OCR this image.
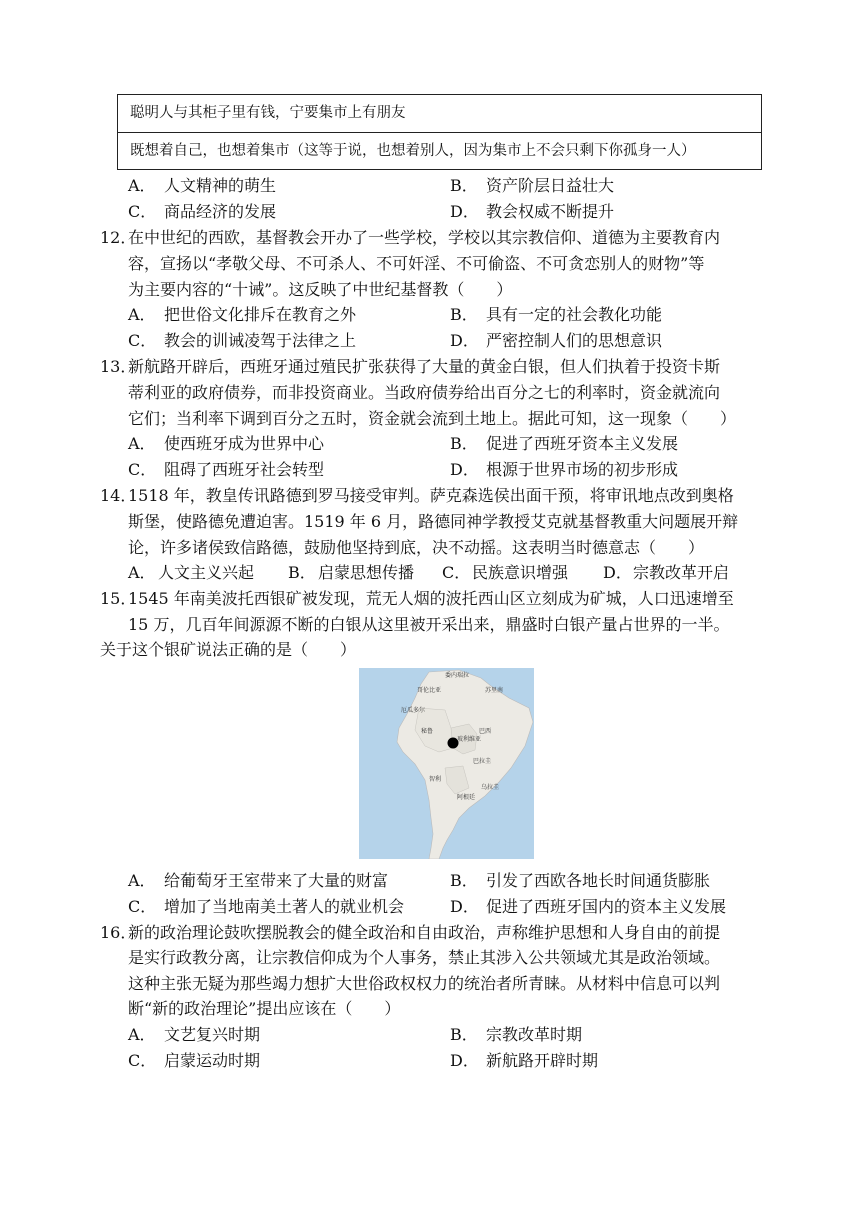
聪明人与其柜子里有钱，宁要集市上有朋友
既想着自己，也想着集市（这等于说，也想着别人，因为集市上不会只剩下你孤身一人）
A． 人文精神的萌生	B． 资产阶层日益壮大
C． 商品经济的发展	D． 教会权威不断提升
12．
在中世纪的西欧，基督教会开办了一些学校，学校以其宗教信仰、道德为主要教育内
容，宣扬以“孝敬父母、不可杀人、不可奸淫、不可偷盗、不可贪恋别人的财物”等
为主要内容的“十诫”。这反映了中世纪基督教（　　）
A． 把世俗文化排斥在教育之外	B． 具有一定的社会教化功能
C． 教会的训诫凌驾于法律之上	D． 严密控制人们的思想意识
13．
新航路开辟后，西班牙通过殖民扩张获得了大量的黄金白银，但人们执着于投资卡斯
蒂利亚的政府债券，而非投资商业。当政府债券给出百分之七的利率时，资金就流向
它们；当利率下调到百分之五时，资金就会流到土地上。据此可知，这一现象（　　）
A． 使西班牙成为世界中心	B． 促进了西班牙资本主义发展
C． 阻碍了西班牙社会转型	D． 根源于世界市场的初步形成
14．
1518 年，教皇传讯路德到罗马接受审判。萨克森选侯出面干预，将审讯地点改到奥格
斯堡，使路德免遭迫害。1519 年 6 月，路德同神学教授艾克就基督教重大问题展开辩
论，许多诸侯致信路德，鼓励他坚持到底，决不动摇。这表明当时德意志（　　）
A． 人文主义兴起 B． 启蒙思想传播 C． 民族意识增强 D．宗教改革开启
15．
1545 年南美波托西银矿被发现，荒无人烟的波托西山区立刻成为矿城，人口迅速增至
15 万，几百年间源源不断的白银从这里被开采出来，鼎盛时白银产量占世界的一半。
关于这个银矿说法正确的是（　　）
委内瑞拉
哥伦比亚	苏里南
厄瓜多尔
秘鲁	巴西
玻利维亚
巴拉圭
智利
乌拉圭
阿根廷
A． 给葡萄牙王室带来了大量的财富	B． 引发了西欧各地长时间通货膨胀
C． 增加了当地南美土著人的就业机会	D． 促进了西班牙国内的资本主义发展
16．
新的政治理论鼓吹摆脱教会的健全政治和自由政治，声称维护思想和人身自由的前提
是实行政教分离，让宗教信仰成为个人事务，禁止其涉入公共领域尤其是政治领域。
这种主张无疑为那些竭力想扩大世俗政权权力的统治者所青睐。从材料中信息可以判
断“新的政治理论”提出应该在（　　）
A． 文艺复兴时期	B． 宗教改革时期
C． 启蒙运动时期	D． 新航路开辟时期
